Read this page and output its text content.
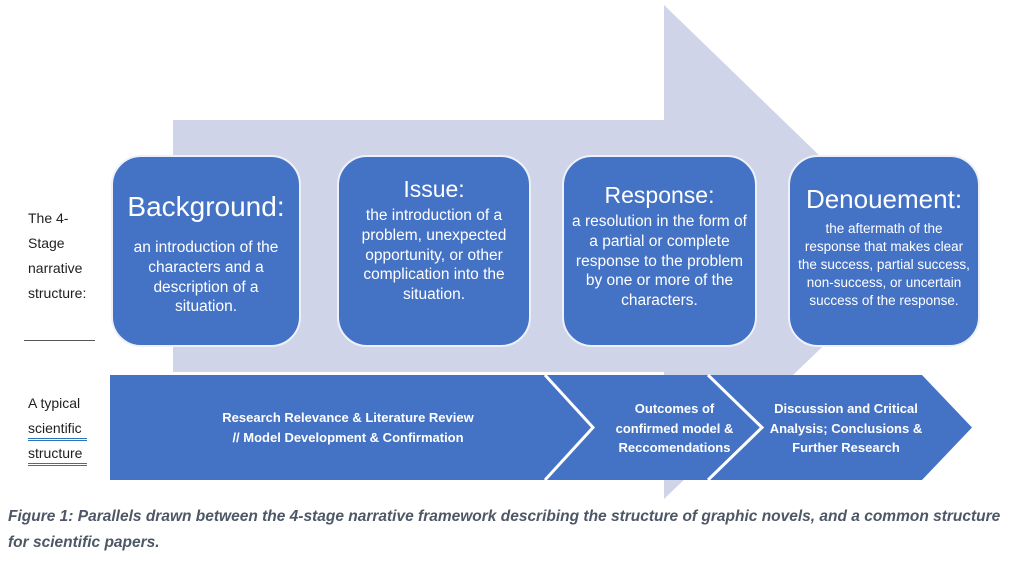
The 4-
Stage
narrative
structure:
A typical
scientific
structure
Background:
an introduction of the characters and a description of a situation.
Issue:
the introduction of a problem, unexpected opportunity, or other complication into the situation.
Response:
a resolution in the form of a partial or complete response to the problem by one or more of the characters.
Denouement:
the aftermath of the response that makes clear the success, partial success, non-success, or uncertain success of the response.
Research Relevance & Literature Review
// Model Development & Confirmation
Outcomes of
confirmed model &
Reccomendations
Discussion and Critical
Analysis; Conclusions &
Further Research
Figure 1: Parallels drawn between the 4-stage narrative framework describing the structure of graphic novels, and a common structure for scientific papers.
